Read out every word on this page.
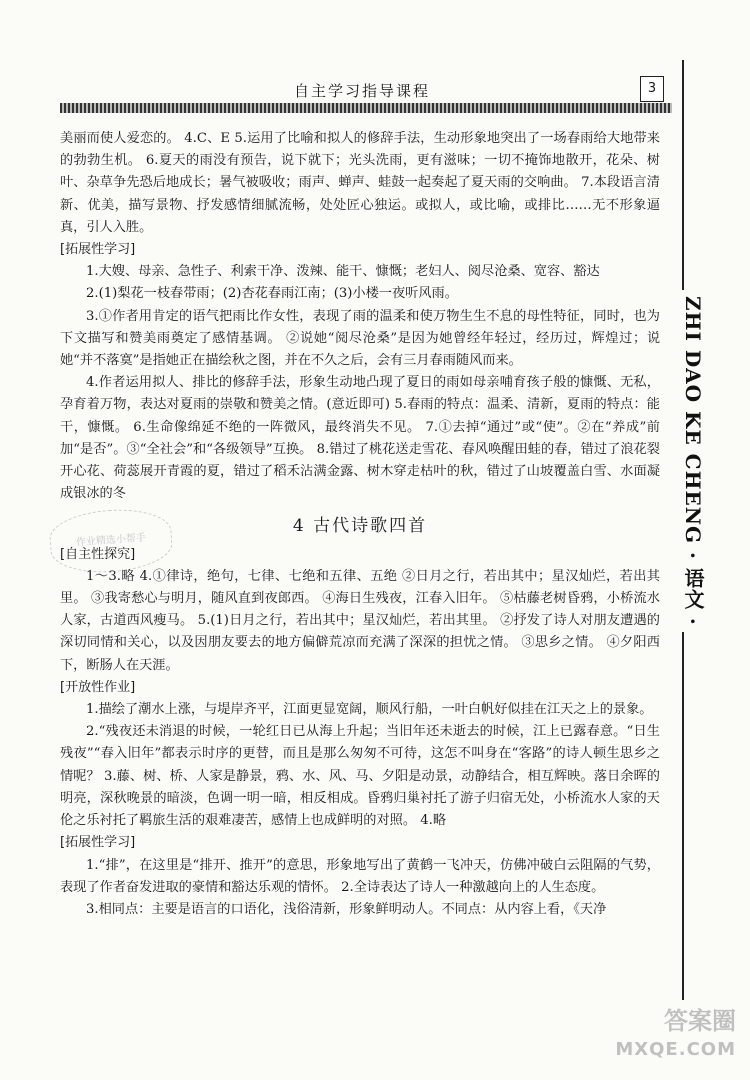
自主学习指导课程	3
ZHI DAO KE CHENG · 语文 ·

美丽而使人爱恋的。 4.C、E 5.运用了比喻和拟人的修辞手法，生动形象地突出了一场春雨给大地带来的勃勃生机。 6.夏天的雨没有预告，说下就下；光头洗雨，更有滋味；一切不掩饰地散开，花朵、树叶、杂草争先恐后地成长；暑气被吸收；雨声、蝉声、蛙鼓一起奏起了夏天雨的交响曲。 7.本段语言清新、优美，描写景物、抒发感情细腻流畅，处处匠心独运。或拟人，或比喻，或排比……无不形象逼真，引人入胜。

[拓展性学习]

1.大嫂、母亲、急性子、利索干净、泼辣、能干、慷慨；老妇人、阅尽沧桑、宽容、豁达

2.(1)梨花一枝春带雨；(2)杏花春雨江南；(3)小楼一夜听风雨。

3.①作者用肯定的语气把雨比作女性，表现了雨的温柔和使万物生生不息的母性特征，同时，也为下文描写和赞美雨奠定了感情基调。 ②说她“阅尽沧桑”是因为她曾经年轻过，经历过，辉煌过；说她“并不落寞”是指她正在描绘秋之图，并在不久之后，会有三月春雨随风而来。

4.作者运用拟人、排比的修辞手法，形象生动地凸现了夏日的雨如母亲哺育孩子般的慷慨、无私，孕育着万物，表达对夏雨的崇敬和赞美之情。(意近即可) 5.春雨的特点：温柔、清新，夏雨的特点：能干，慷慨。 6.生命像绵延不绝的一阵微风，最终消失不见。 7.①去掉“通过”或“使”。②在“养成”前加“是否”。③“全社会”和“各级领导”互换。 8.错过了桃花送走雪花、春风唤醒田蛙的春，错过了浪花裂开心花、荷蕊展开青霞的夏，错过了稻禾沾满金露、树木穿走枯叶的秋，错过了山坡覆盖白雪、水面凝成银冰的冬

4 古代诗歌四首

[自主性探究]

1～3.略 4.①律诗，绝句，七律、七绝和五律、五绝 ②日月之行，若出其中；星汉灿烂，若出其里。 ③我寄愁心与明月，随风直到夜郎西。 ④海日生残夜，江春入旧年。 ⑤枯藤老树昏鸦，小桥流水人家，古道西风瘦马。 5.(1)日月之行，若出其中；星汉灿烂，若出其里。 ②抒发了诗人对朋友遭遇的深切同情和关心，以及因朋友要去的地方偏僻荒凉而充满了深深的担忧之情。 ③思乡之情。 ④夕阳西下，断肠人在天涯。

[开放性作业]

1.描绘了潮水上涨，与堤岸齐平，江面更显宽阔，顺风行船，一叶白帆好似挂在江天之上的景象。

2.“残夜还未消退的时候，一轮红日已从海上升起；当旧年还未逝去的时候，江上已露春意。“日生残夜”“春入旧年”都表示时序的更替，而且是那么匆匆不可待，这怎不叫身在“客路”的诗人顿生思乡之情呢？ 3.藤、树、桥、人家是静景，鸦、水、风、马、夕阳是动景，动静结合，相互辉映。落日余晖的明亮，深秋晚景的暗淡，色调一明一暗，相反相成。昏鸦归巢衬托了游子归宿无处，小桥流水人家的天伦之乐衬托了羁旅生活的艰难凄苦，感情上也成鲜明的对照。 4.略

[拓展性学习]

1.“排”，在这里是“排开、推开”的意思，形象地写出了黄鹤一飞冲天，仿佛冲破白云阻隔的气势，表现了作者奋发进取的豪情和豁达乐观的情怀。 2.全诗表达了诗人一种激越向上的人生态度。

3.相同点：主要是语言的口语化，浅俗清新，形象鲜明动人。不同点：从内容上看，《天净

作业精选小帮手
答案圈
MXQE.COM
